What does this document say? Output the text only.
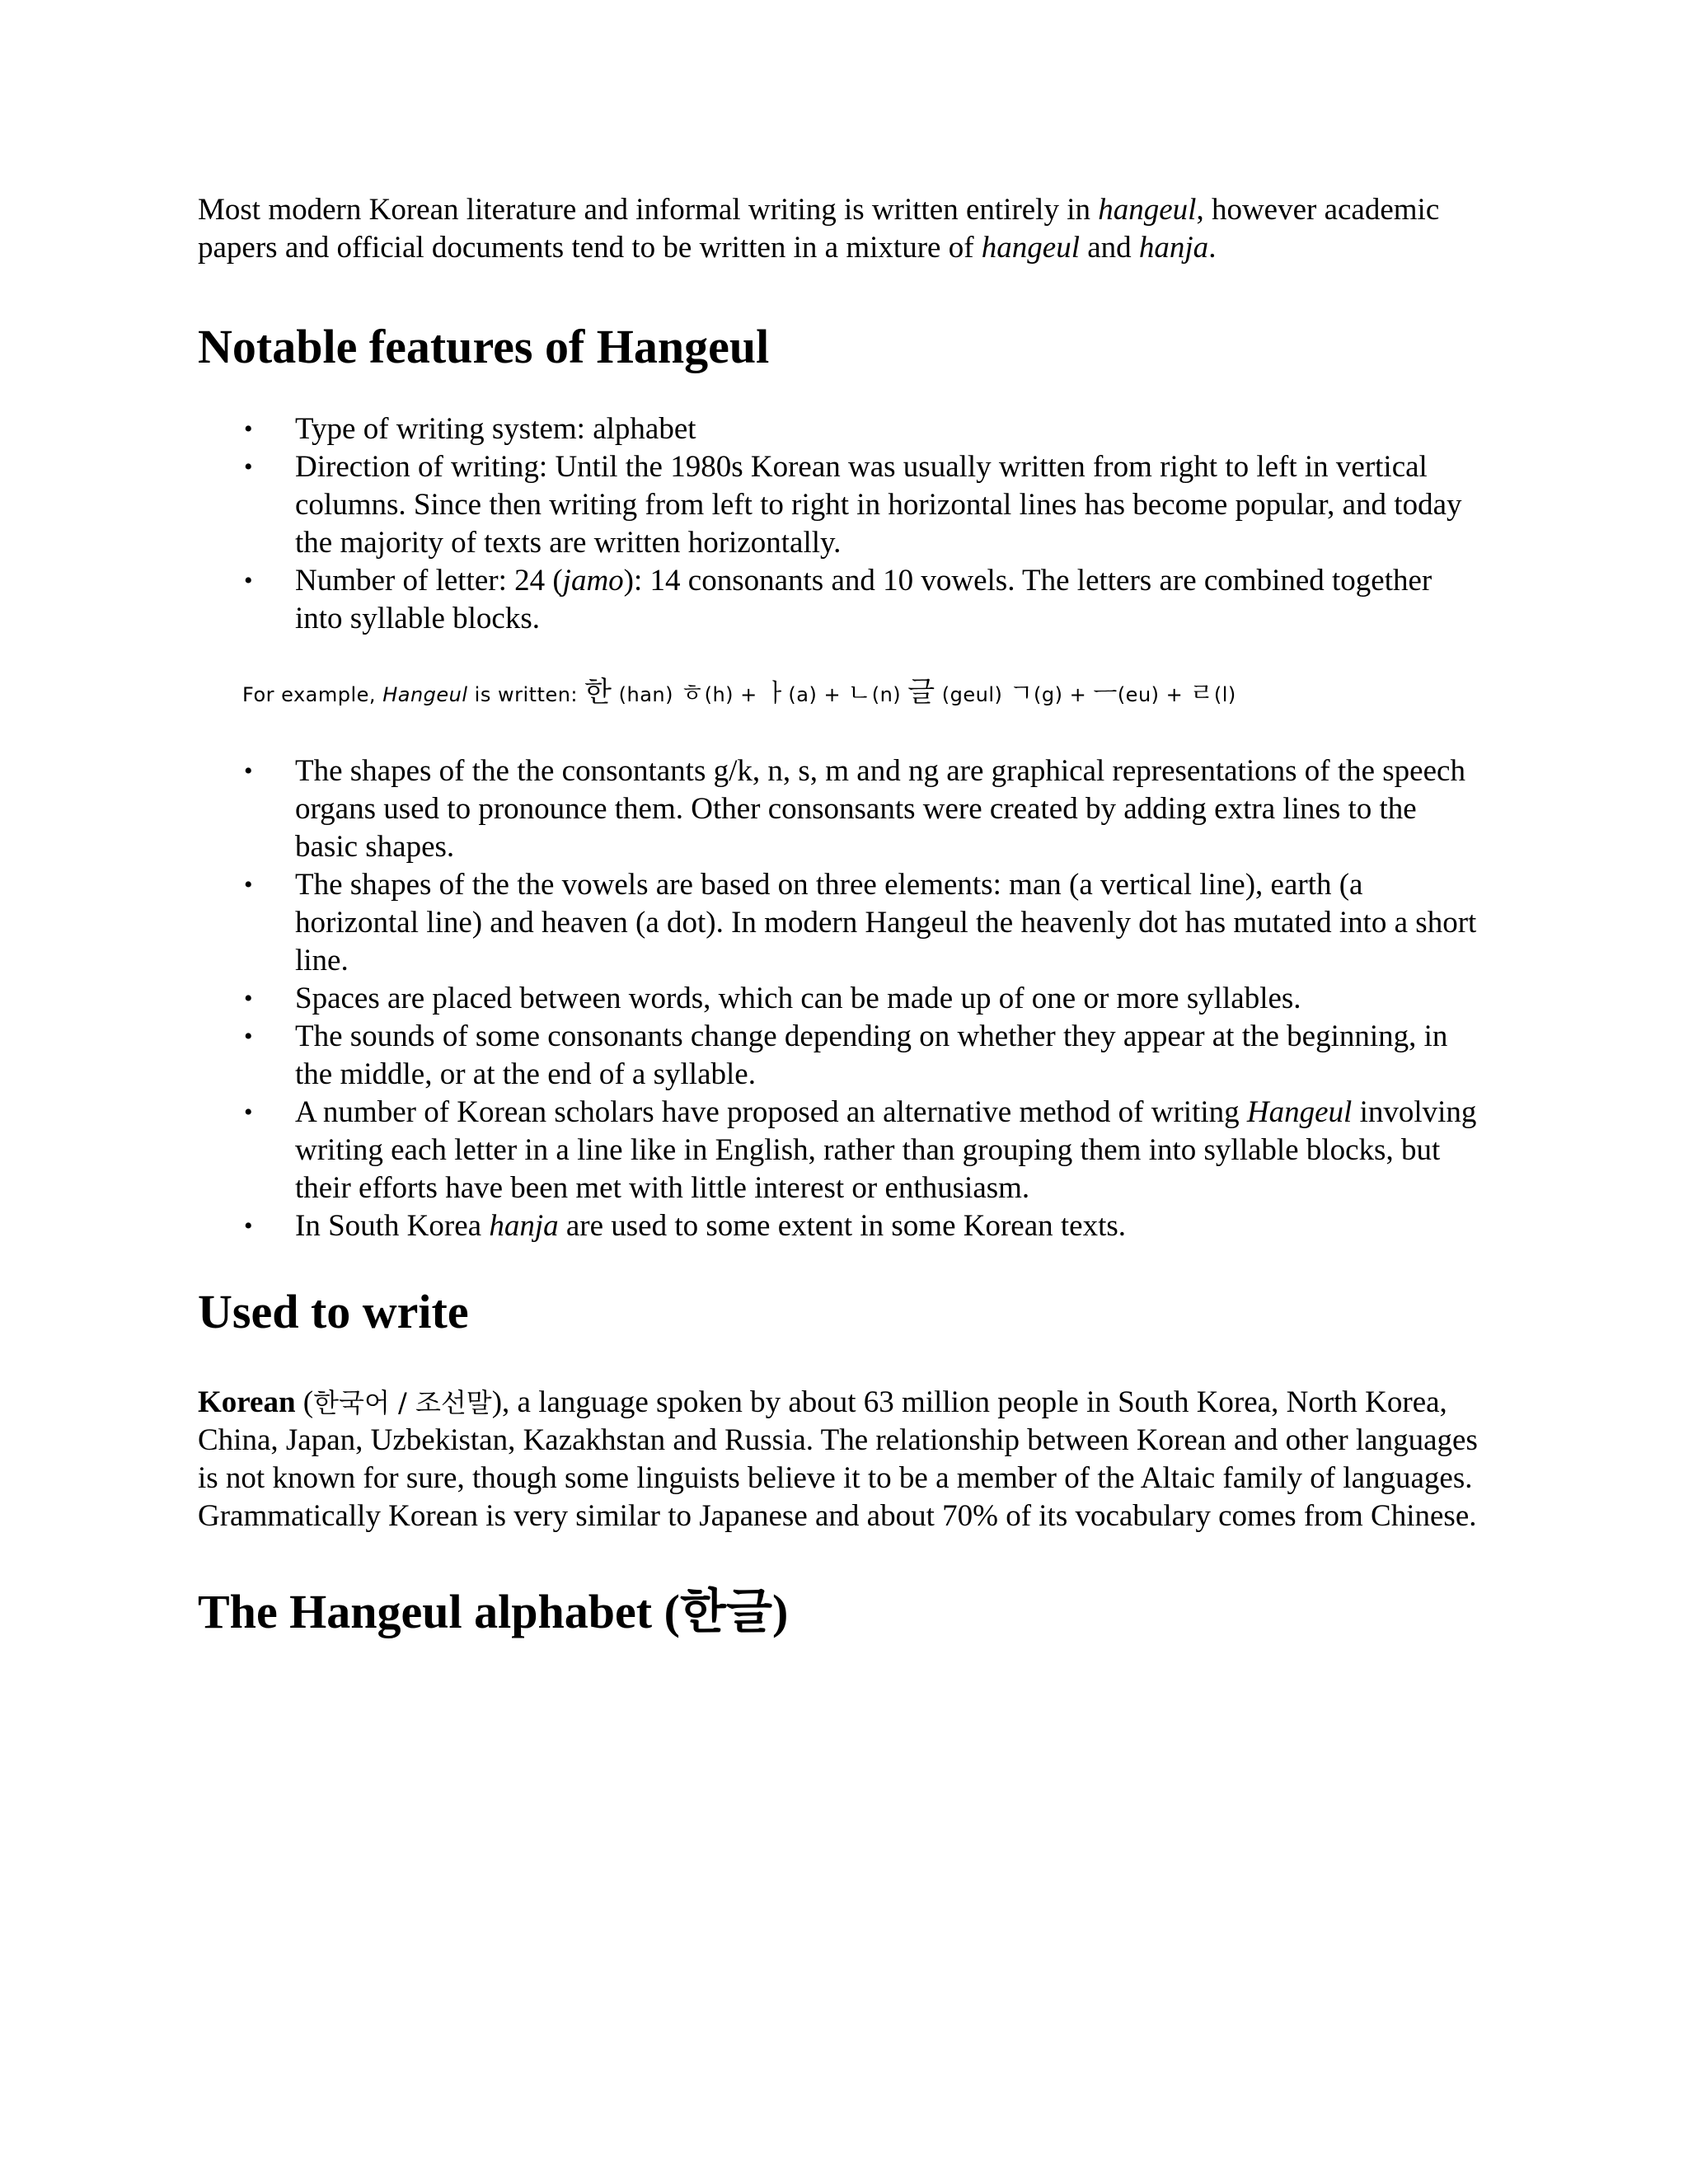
Most modern Korean literature and informal writing is written entirely in hangeul, however academic papers and official documents tend to be written in a mixture of hangeul and hanja.

Notable features of Hangeul
• Type of writing system: alphabet
• Direction of writing: Until the 1980s Korean was usually written from right to left in vertical columns. Since then writing from left to right in horizontal lines has become popular, and today the majority of texts are written horizontally.
• Number of letter: 24 (jamo): 14 consonants and 10 vowels. The letters are combined together into syllable blocks.
For example, Hangeul is written: 한 (han) ㅎ(h) + ㅏ(a) + ㄴ(n) 글 (geul) ㄱ(g) + ㅡ(eu) + ㄹ(l)
• The shapes of the the consontants g/k, n, s, m and ng are graphical representations of the speech organs used to pronounce them. Other consonsants were created by adding extra lines to the basic shapes.
• The shapes of the the vowels are based on three elements: man (a vertical line), earth (a horizontal line) and heaven (a dot). In modern Hangeul the heavenly dot has mutated into a short line.
• Spaces are placed between words, which can be made up of one or more syllables.
• The sounds of some consonants change depending on whether they appear at the beginning, in the middle, or at the end of a syllable.
• A number of Korean scholars have proposed an alternative method of writing Hangeul involving writing each letter in a line like in English, rather than grouping them into syllable blocks, but their efforts have been met with little interest or enthusiasm.
• In South Korea hanja are used to some extent in some Korean texts.
Used to write

Korean (한국어 / 조선말), a language spoken by about 63 million people in South Korea, North Korea, China, Japan, Uzbekistan, Kazakhstan and Russia. The relationship between Korean and other languages is not known for sure, though some linguists believe it to be a member of the Altaic family of languages. Grammatically Korean is very similar to Japanese and about 70% of its vocabulary comes from Chinese.

The Hangeul alphabet (한글)
